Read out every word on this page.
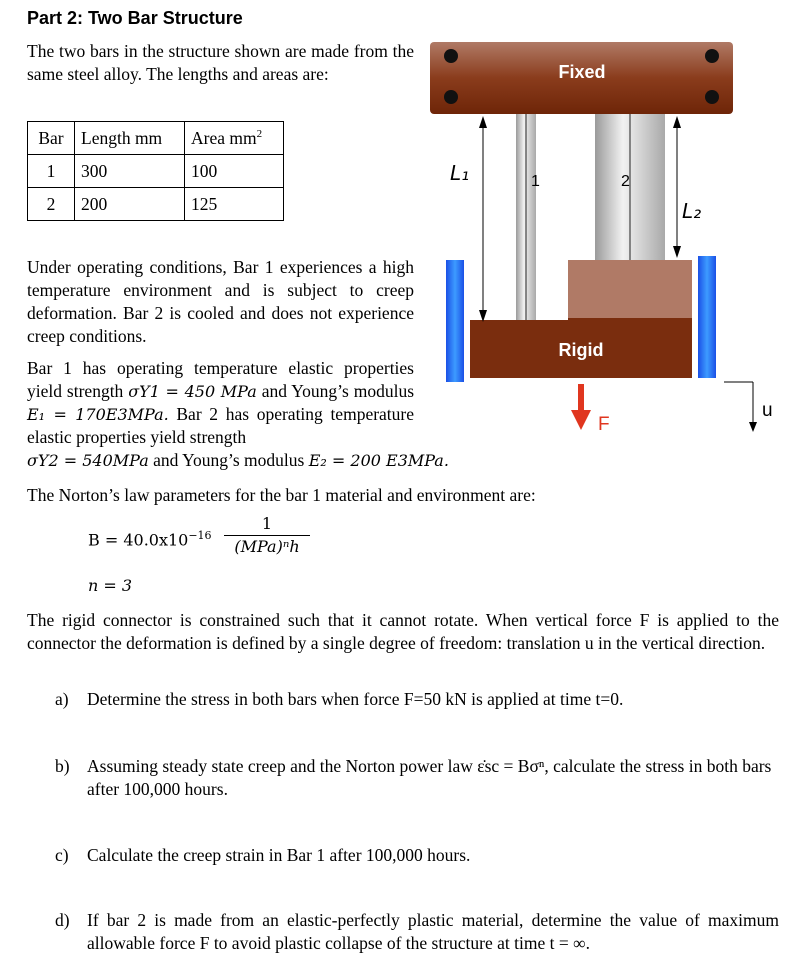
Part 2: Two Bar Structure
The two bars in the structure shown are made from the same steel alloy. The lengths and areas are:
Bar	Length mm	Area $mm^2$
1	300	100
2	200	125
Under operating conditions, Bar 1 experiences a high temperature environment and is subject to creep deformation. Bar 2 is cooled and does not experience creep conditions.
Bar 1 has operating temperature elastic properties yield strength σY1 = 450 MPa and Young’s modulus E₁ = 170E3MPa. Bar 2 has operating temperature elastic properties yield strength
σY2 = 540MPa and Young’s modulus E₂ = 200 E3MPa.
The Norton’s law parameters for the bar 1 material and environment are:
$B = 40.0x10^{-16}$
1
(MPa)ⁿh
n = 3
The rigid connector is constrained such that it cannot rotate. When vertical force F is applied to the connector the deformation is defined by a single degree of freedom: translation u in the vertical direction.
a) Determine the stress in both bars when force F=50 kN is applied at time t=0.
b) Assuming steady state creep and the Norton power law ε̇sc = Bσⁿ, calculate the stress in both bars after 100,000 hours.
c) Calculate the creep strain in Bar 1 after 100,000 hours.
d) If bar 2 is made from an elastic-perfectly plastic material, determine the value of maximum allowable force F to avoid plastic collapse of the structure at time t = ∞.
Fixed
1	2
Rigid
L₁
L₂
F
u
